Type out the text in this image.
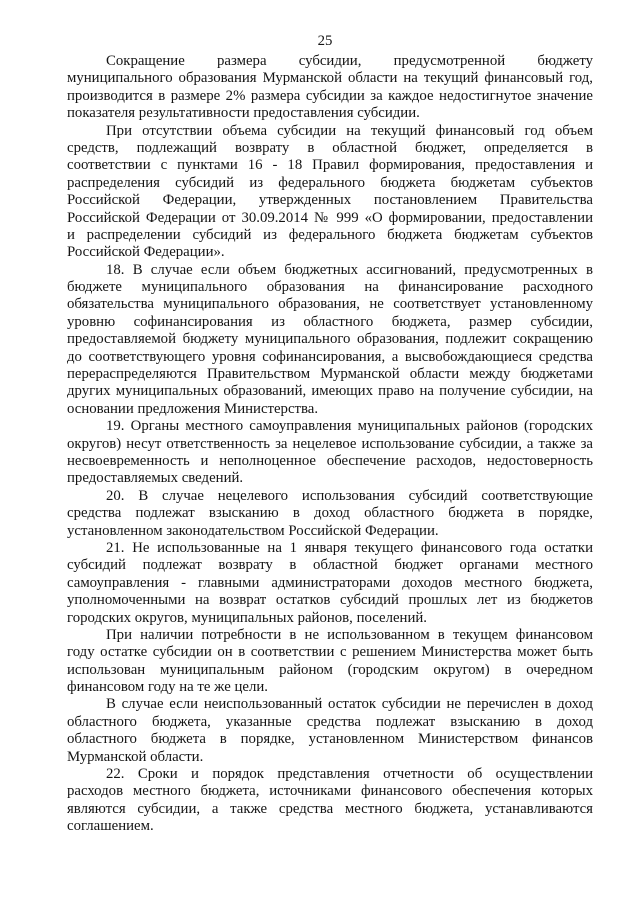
25
Сокращение размера субсидии, предусмотренной бюджету
муниципального образования Мурманской области на текущий финансовый год,
производится в размере 2% размера субсидии за каждое недостигнутое значение
показателя результативности предоставления субсидии.
При отсутствии объема субсидии на текущий финансовый год объем
средств, подлежащий возврату в областной бюджет, определяется в
соответствии с пунктами 16 - 18 Правил формирования, предоставления и
распределения субсидий из федерального бюджета бюджетам субъектов
Российской Федерации, утвержденных постановлением Правительства
Российской Федерации от 30.09.2014 № 999 «О формировании, предоставлении
и распределении субсидий из федерального бюджета бюджетам субъектов
Российской Федерации».
18. В случае если объем бюджетных ассигнований, предусмотренных в
бюджете муниципального образования на финансирование расходного
обязательства муниципального образования, не соответствует установленному
уровню софинансирования из областного бюджета, размер субсидии,
предоставляемой бюджету муниципального образования, подлежит сокращению
до соответствующего уровня софинансирования, а высвобождающиеся средства
перераспределяются Правительством Мурманской области между бюджетами
других муниципальных образований, имеющих право на получение субсидии, на
основании предложения Министерства.
19. Органы местного самоуправления муниципальных районов (городских
округов) несут ответственность за нецелевое использование субсидии, а также за
несвоевременность и неполноценное обеспечение расходов, недостоверность
предоставляемых сведений.
20. В случае нецелевого использования субсидий соответствующие
средства подлежат взысканию в доход областного бюджета в порядке,
установленном законодательством Российской Федерации.
21. Не использованные на 1 января текущего финансового года остатки
субсидий подлежат возврату в областной бюджет органами местного
самоуправления - главными администраторами доходов местного бюджета,
уполномоченными на возврат остатков субсидий прошлых лет из бюджетов
городских округов, муниципальных районов, поселений.
При наличии потребности в не использованном в текущем финансовом
году остатке субсидии он в соответствии с решением Министерства может быть
использован муниципальным районом (городским округом) в очередном
финансовом году на те же цели.
В случае если неиспользованный остаток субсидии не перечислен в доход
областного бюджета, указанные средства подлежат взысканию в доход
областного бюджета в порядке, установленном Министерством финансов
Мурманской области.
22. Сроки и порядок представления отчетности об осуществлении
расходов местного бюджета, источниками финансового обеспечения которых
являются субсидии, а также средства местного бюджета, устанавливаются
соглашением.
